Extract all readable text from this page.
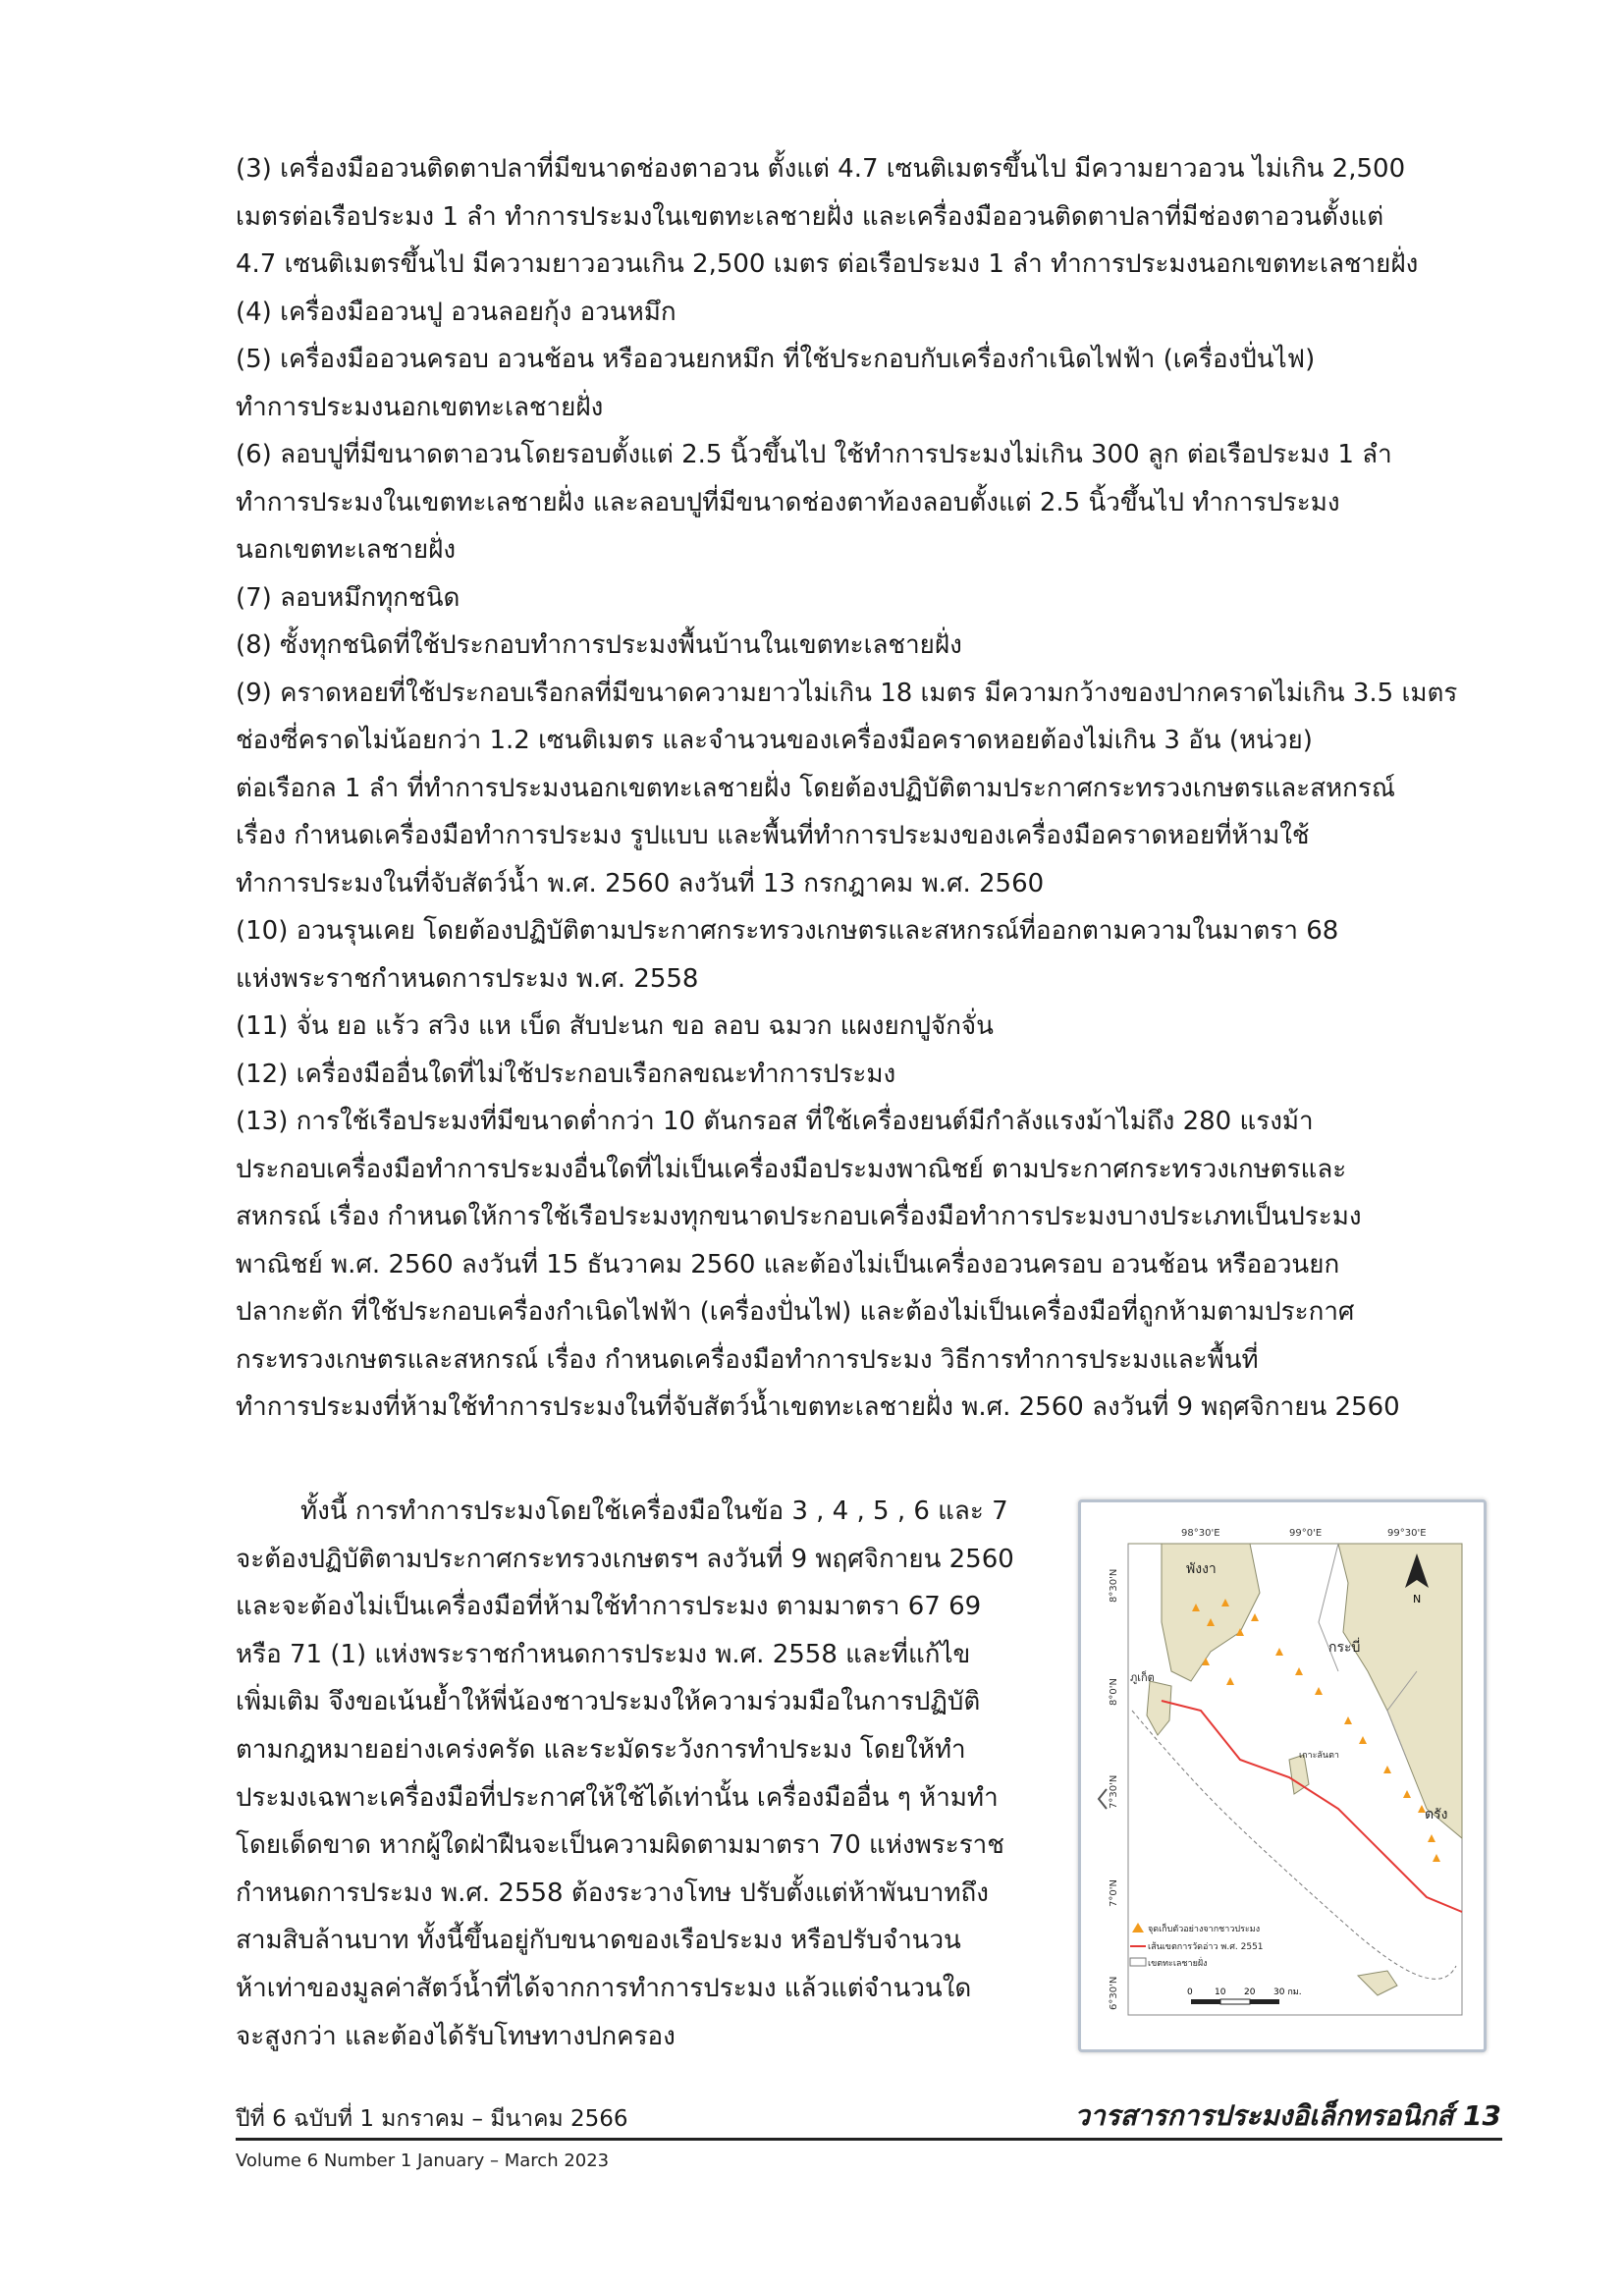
(3) เครื่องมืออวนติดตาปลาที่มีขนาดช่องตาอวน ตั้งแต่ 4.7 เซนติเมตรขึ้นไป มีความยาวอวน ไม่เกิน 2,500
เมตรต่อเรือประมง 1 ลำ ทำการประมงในเขตทะเลชายฝั่ง และเครื่องมืออวนติดตาปลาที่มีช่องตาอวนตั้งแต่
4.7 เซนติเมตรขึ้นไป มีความยาวอวนเกิน 2,500 เมตร ต่อเรือประมง 1 ลำ ทำการประมงนอกเขตทะเลชายฝั่ง
(4) เครื่องมืออวนปู อวนลอยกุ้ง อวนหมึก
(5) เครื่องมืออวนครอบ อวนช้อน หรืออวนยกหมึก ที่ใช้ประกอบกับเครื่องกำเนิดไฟฟ้า (เครื่องปั่นไฟ)
ทำการประมงนอกเขตทะเลชายฝั่ง
(6) ลอบปูที่มีขนาดตาอวนโดยรอบตั้งแต่ 2.5 นิ้วขึ้นไป ใช้ทำการประมงไม่เกิน 300 ลูก ต่อเรือประมง 1 ลำ
ทำการประมงในเขตทะเลชายฝั่ง และลอบปูที่มีขนาดช่องตาท้องลอบตั้งแต่ 2.5 นิ้วขึ้นไป ทำการประมง
นอกเขตทะเลชายฝั่ง
(7) ลอบหมึกทุกชนิด
(8) ซั้งทุกชนิดที่ใช้ประกอบทำการประมงพื้นบ้านในเขตทะเลชายฝั่ง
(9) คราดหอยที่ใช้ประกอบเรือกลที่มีขนาดความยาวไม่เกิน 18 เมตร มีความกว้างของปากคราดไม่เกิน 3.5 เมตร
ช่องซี่คราดไม่น้อยกว่า 1.2 เซนติเมตร และจำนวนของเครื่องมือคราดหอยต้องไม่เกิน 3 อัน (หน่วย)
ต่อเรือกล 1 ลำ ที่ทำการประมงนอกเขตทะเลชายฝั่ง โดยต้องปฏิบัติตามประกาศกระทรวงเกษตรและสหกรณ์
เรื่อง กำหนดเครื่องมือทำการประมง รูปแบบ และพื้นที่ทำการประมงของเครื่องมือคราดหอยที่ห้ามใช้
ทำการประมงในที่จับสัตว์น้ำ พ.ศ. 2560 ลงวันที่ 13 กรกฎาคม พ.ศ. 2560
(10) อวนรุนเคย โดยต้องปฏิบัติตามประกาศกระทรวงเกษตรและสหกรณ์ที่ออกตามความในมาตรา 68
แห่งพระราชกำหนดการประมง พ.ศ. 2558
(11) จั่น ยอ แร้ว สวิง แห เบ็ด สับปะนก ขอ ลอบ ฉมวก แผงยกปูจักจั่น
(12) เครื่องมืออื่นใดที่ไม่ใช้ประกอบเรือกลขณะทำการประมง
(13) การใช้เรือประมงที่มีขนาดต่ำกว่า 10 ตันกรอส ที่ใช้เครื่องยนต์มีกำลังแรงม้าไม่ถึง 280 แรงม้า
ประกอบเครื่องมือทำการประมงอื่นใดที่ไม่เป็นเครื่องมือประมงพาณิชย์ ตามประกาศกระทรวงเกษตรและ
สหกรณ์ เรื่อง กำหนดให้การใช้เรือประมงทุกขนาดประกอบเครื่องมือทำการประมงบางประเภทเป็นประมง
พาณิชย์ พ.ศ. 2560 ลงวันที่ 15 ธันวาคม 2560 และต้องไม่เป็นเครื่องอวนครอบ อวนช้อน หรืออวนยก
ปลากะตัก ที่ใช้ประกอบเครื่องกำเนิดไฟฟ้า (เครื่องปั่นไฟ) และต้องไม่เป็นเครื่องมือที่ถูกห้ามตามประกาศ
กระทรวงเกษตรและสหกรณ์ เรื่อง กำหนดเครื่องมือทำการประมง วิธีการทำการประมงและพื้นที่
ทำการประมงที่ห้ามใช้ทำการประมงในที่จับสัตว์น้ำเขตทะเลชายฝั่ง พ.ศ. 2560 ลงวันที่ 9 พฤศจิกายน 2560
ทั้งนี้ การทำการประมงโดยใช้เครื่องมือในข้อ 3 , 4 , 5 , 6 และ 7
จะต้องปฏิบัติตามประกาศกระทรวงเกษตรฯ ลงวันที่ 9 พฤศจิกายน 2560
และจะต้องไม่เป็นเครื่องมือที่ห้ามใช้ทำการประมง ตามมาตรา 67 69
หรือ 71 (1) แห่งพระราชกำหนดการประมง พ.ศ. 2558 และที่แก้ไข
เพิ่มเติม จึงขอเน้นย้ำให้พี่น้องชาวประมงให้ความร่วมมือในการปฏิบัติ
ตามกฎหมายอย่างเคร่งครัด และระมัดระวังการทำประมง โดยให้ทำ
ประมงเฉพาะเครื่องมือที่ประกาศให้ใช้ได้เท่านั้น เครื่องมืออื่น ๆ ห้ามทำ
โดยเด็ดขาด หากผู้ใดฝ่าฝืนจะเป็นความผิดตามมาตรา 70 แห่งพระราช
กำหนดการประมง พ.ศ. 2558 ต้องระวางโทษ ปรับตั้งแต่ห้าพันบาทถึง
สามสิบล้านบาท ทั้งนี้ขึ้นอยู่กับขนาดของเรือประมง หรือปรับจำนวน
ห้าเท่าของมูลค่าสัตว์น้ำที่ได้จากการทำการประมง แล้วแต่จำนวนใด
จะสูงกว่า และต้องได้รับโทษทางปกครอง
N
98°30'E	99°0'E	99°30'E
8°30'N
8°0'N
7°30'N
7°0'N
6°30'N
พังงา
กระบี่
ตรัง
ภูเก็ต
เกาะลันตา
จุดเก็บตัวอย่างจากชาวประมง
เส้นเขตการวัดอ่าว พ.ศ. 2551
เขตทะเลชายฝั่ง
0 10 20 30 กม.
ปีที่ 6 ฉบับที่ 1 มกราคม – มีนาคม 2566
Volume 6 Number 1 January – March 2023
วารสารการประมงอิเล็กทรอนิกส์ 13
